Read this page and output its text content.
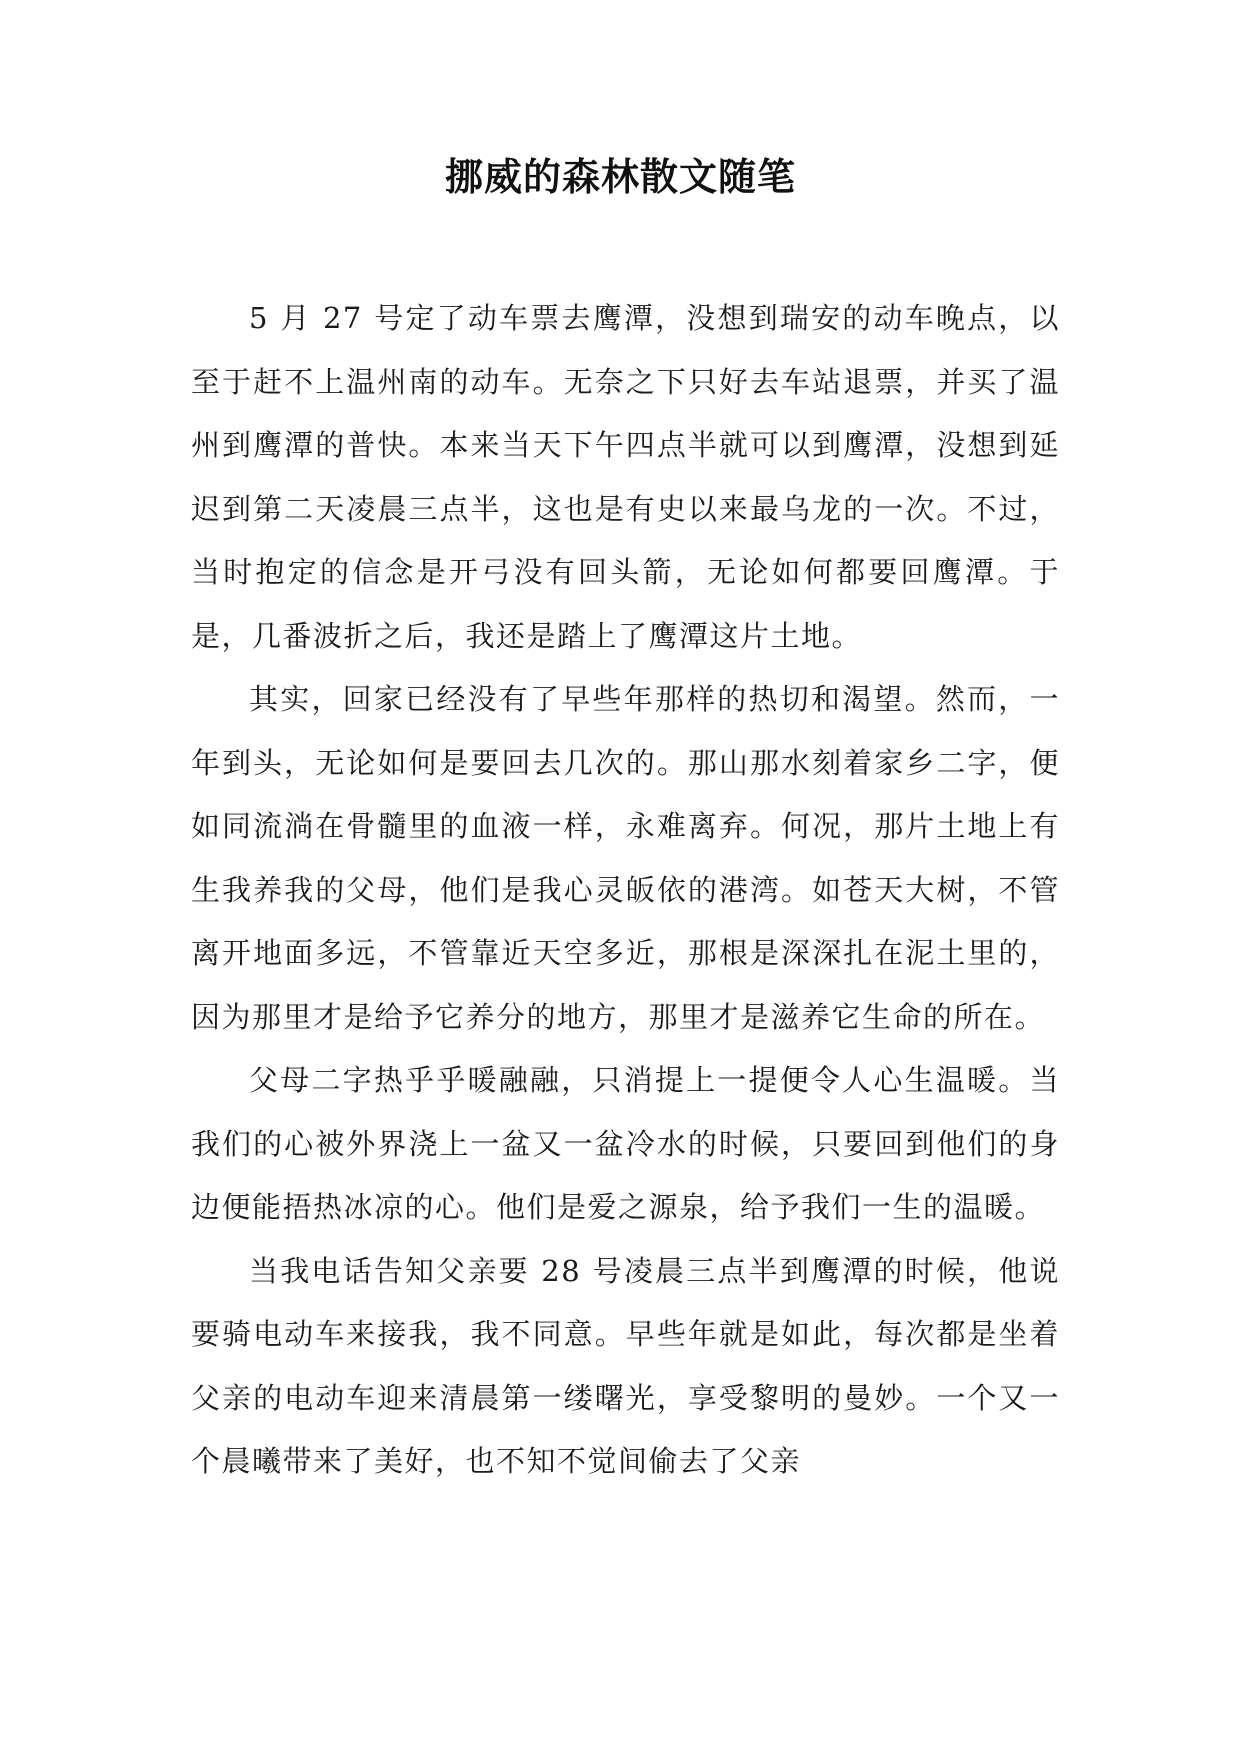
挪威的森林散文随笔

5 月 27 号定了动车票去鹰潭，没想到瑞安的动车晚点，以至于赶不上温州南的动车。无奈之下只好去车站退票，并买了温州到鹰潭的普快。本来当天下午四点半就可以到鹰潭，没想到延迟到第二天凌晨三点半，这也是有史以来最乌龙的一次。不过，当时抱定的信念是开弓没有回头箭，无论如何都要回鹰潭。于是，几番波折之后，我还是踏上了鹰潭这片土地。

其实，回家已经没有了早些年那样的热切和渴望。然而，一年到头，无论如何是要回去几次的。那山那水刻着家乡二字，便如同流淌在骨髓里的血液一样，永难离弃。何况，那片土地上有生我养我的父母，他们是我心灵皈依的港湾。如苍天大树，不管离开地面多远，不管靠近天空多近，那根是深深扎在泥土里的，因为那里才是给予它养分的地方，那里才是滋养它生命的所在。

父母二字热乎乎暖融融，只消提上一提便令人心生温暖。当我们的心被外界浇上一盆又一盆冷水的时候，只要回到他们的身边便能捂热冰凉的心。他们是爱之源泉，给予我们一生的温暖。

当我电话告知父亲要 28 号凌晨三点半到鹰潭的时候，他说要骑电动车来接我，我不同意。早些年就是如此，每次都是坐着父亲的电动车迎来清晨第一缕曙光，享受黎明的曼妙。一个又一个晨曦带来了美好，也不知不觉间偷去了父亲
